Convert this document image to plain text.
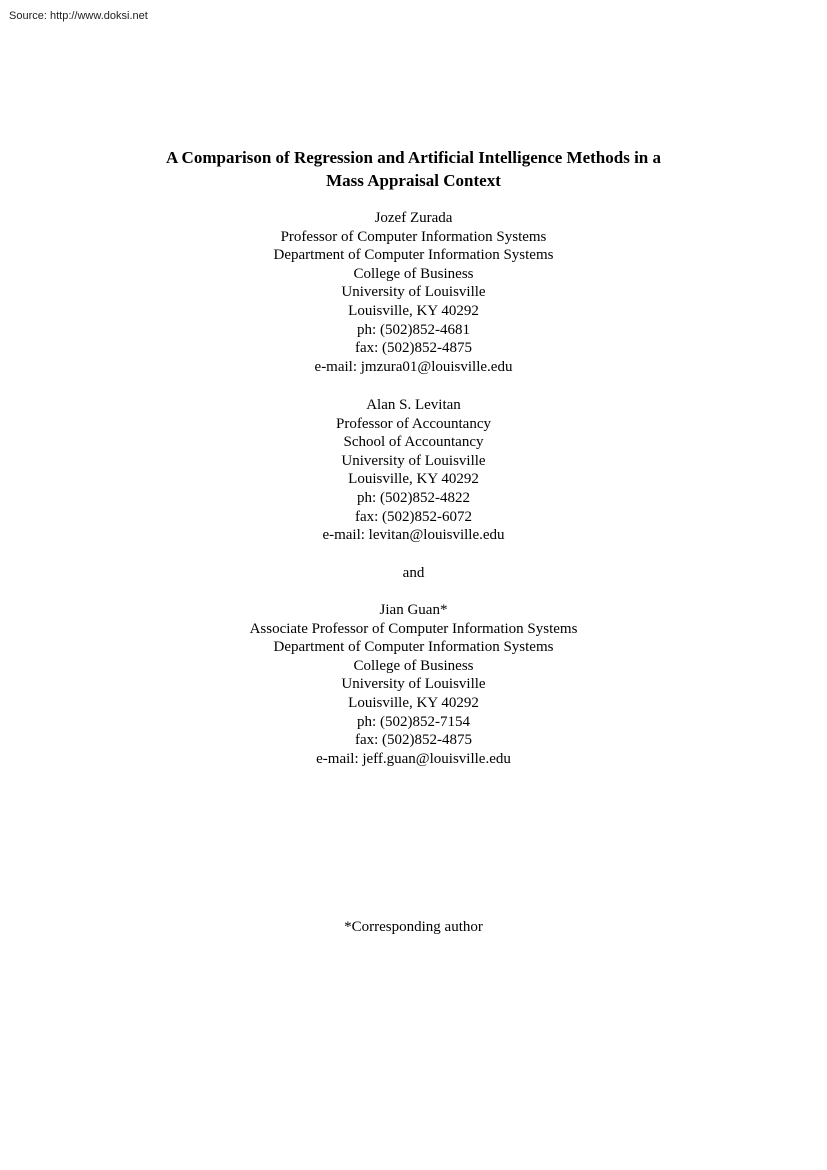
Source: http://www.doksi.net
A Comparison of Regression and Artificial Intelligence Methods in a
Mass Appraisal Context
Jozef Zurada
Professor of Computer Information Systems
Department of Computer Information Systems
College of Business
University of Louisville
Louisville, KY 40292
ph: (502)852-4681
fax: (502)852-4875
e-mail: jmzura01@louisville.edu
Alan S. Levitan
Professor of Accountancy
School of Accountancy
University of Louisville
Louisville, KY 40292
ph: (502)852-4822
fax: (502)852-6072
e-mail: levitan@louisville.edu
and
Jian Guan*
Associate Professor of Computer Information Systems
Department of Computer Information Systems
College of Business
University of Louisville
Louisville, KY 40292
ph: (502)852-7154
fax: (502)852-4875
e-mail: jeff.guan@louisville.edu
*Corresponding author
